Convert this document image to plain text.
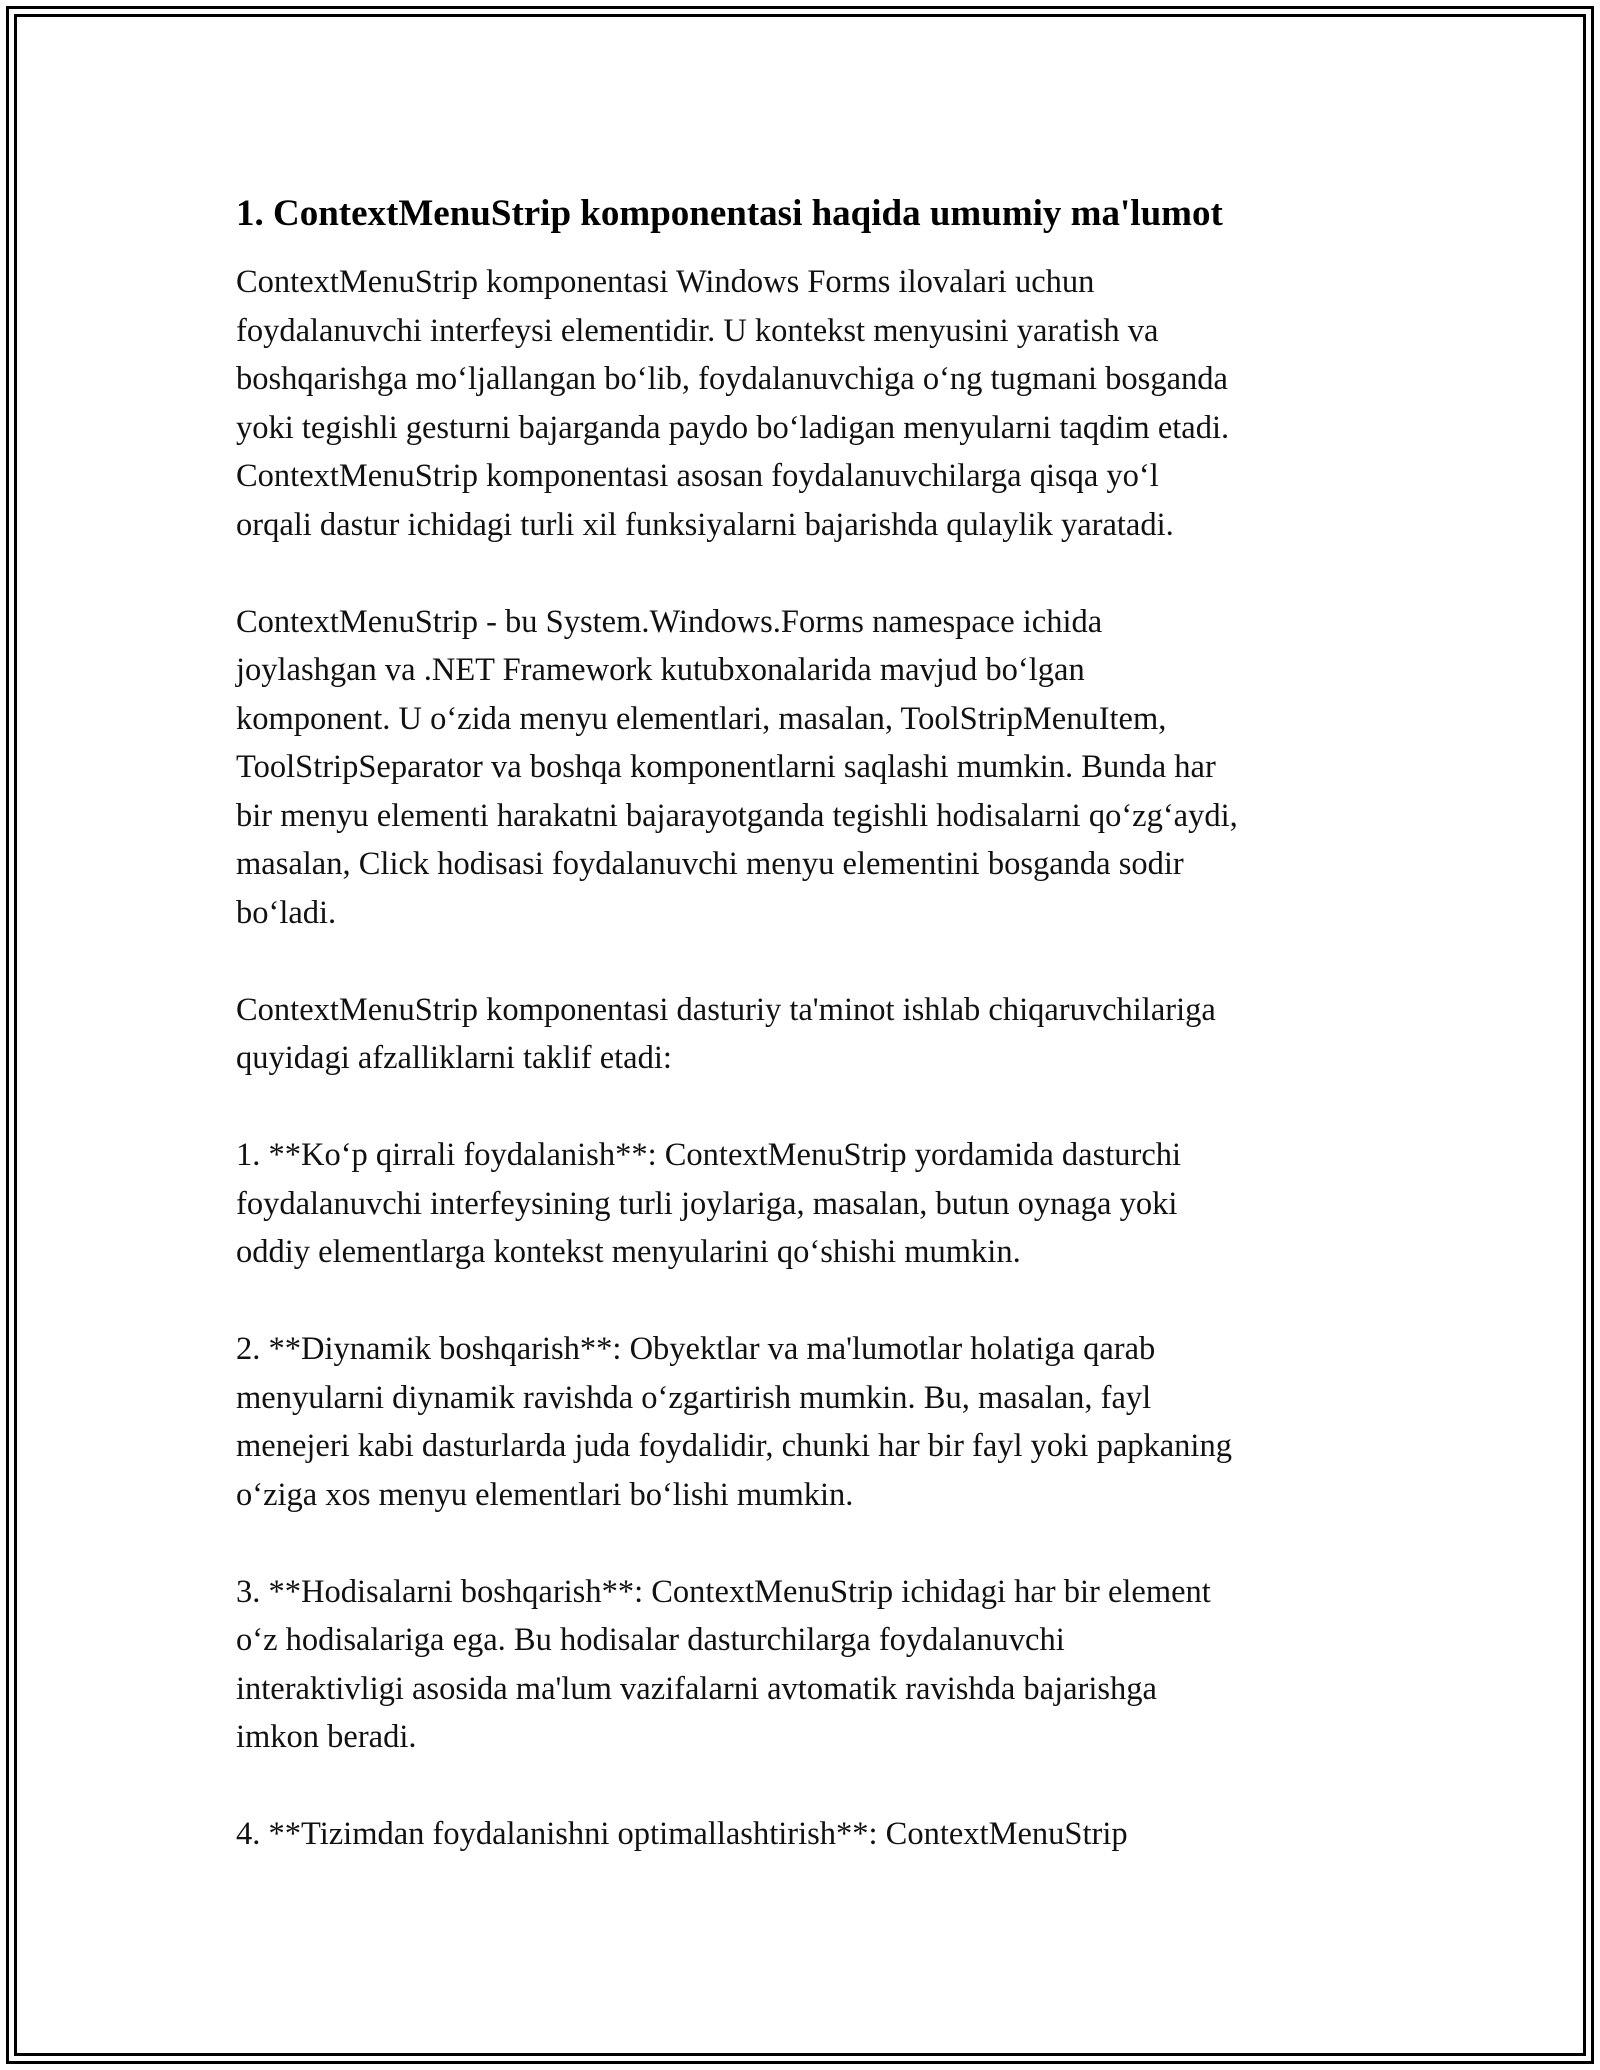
1. ContextMenuStrip komponentasi haqida umumiy ma'lumot

ContextMenuStrip komponentasi Windows Forms ilovalari uchun
foydalanuvchi interfeysi elementidir. U kontekst menyusini yaratish va
boshqarishga mo‘ljallangan bo‘lib, foydalanuvchiga o‘ng tugmani bosganda
yoki tegishli gesturni bajarganda paydo bo‘ladigan menyularni taqdim etadi.
ContextMenuStrip komponentasi asosan foydalanuvchilarga qisqa yo‘l
orqali dastur ichidagi turli xil funksiyalarni bajarishda qulaylik yaratadi.

ContextMenuStrip - bu System.Windows.Forms namespace ichida
joylashgan va .NET Framework kutubxonalarida mavjud bo‘lgan
komponent. U o‘zida menyu elementlari, masalan, ToolStripMenuItem,
ToolStripSeparator va boshqa komponentlarni saqlashi mumkin. Bunda har
bir menyu elementi harakatni bajarayotganda tegishli hodisalarni qo‘zg‘aydi,
masalan, Click hodisasi foydalanuvchi menyu elementini bosganda sodir
bo‘ladi.

ContextMenuStrip komponentasi dasturiy ta'minot ishlab chiqaruvchilariga
quyidagi afzalliklarni taklif etadi:

1. **Ko‘p qirrali foydalanish**: ContextMenuStrip yordamida dasturchi
foydalanuvchi interfeysining turli joylariga, masalan, butun oynaga yoki
oddiy elementlarga kontekst menyularini qo‘shishi mumkin.

2. **Diynamik boshqarish**: Obyektlar va ma'lumotlar holatiga qarab
menyularni diynamik ravishda o‘zgartirish mumkin. Bu, masalan, fayl
menejeri kabi dasturlarda juda foydalidir, chunki har bir fayl yoki papkaning
o‘ziga xos menyu elementlari bo‘lishi mumkin.

3. **Hodisalarni boshqarish**: ContextMenuStrip ichidagi har bir element
o‘z hodisalariga ega. Bu hodisalar dasturchilarga foydalanuvchi
interaktivligi asosida ma'lum vazifalarni avtomatik ravishda bajarishga
imkon beradi.

4. **Tizimdan foydalanishni optimallashtirish**: ContextMenuStrip
